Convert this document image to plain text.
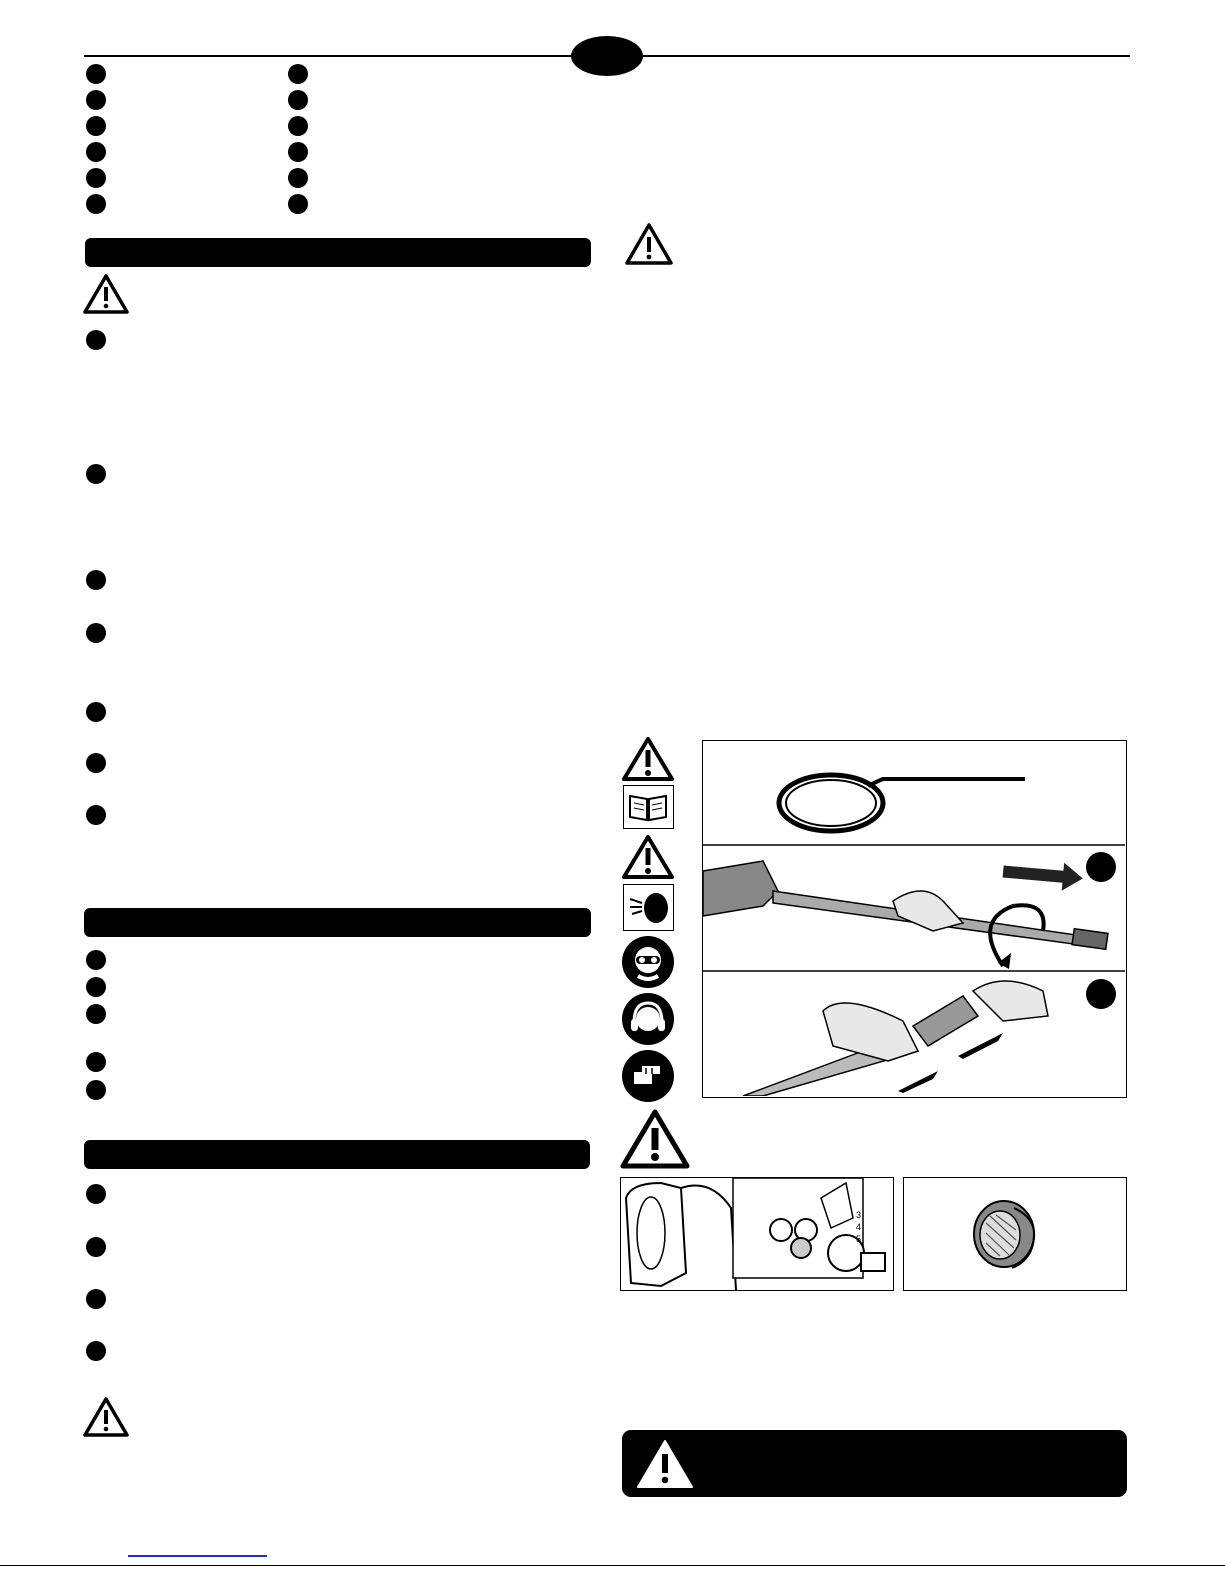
3
4
5
